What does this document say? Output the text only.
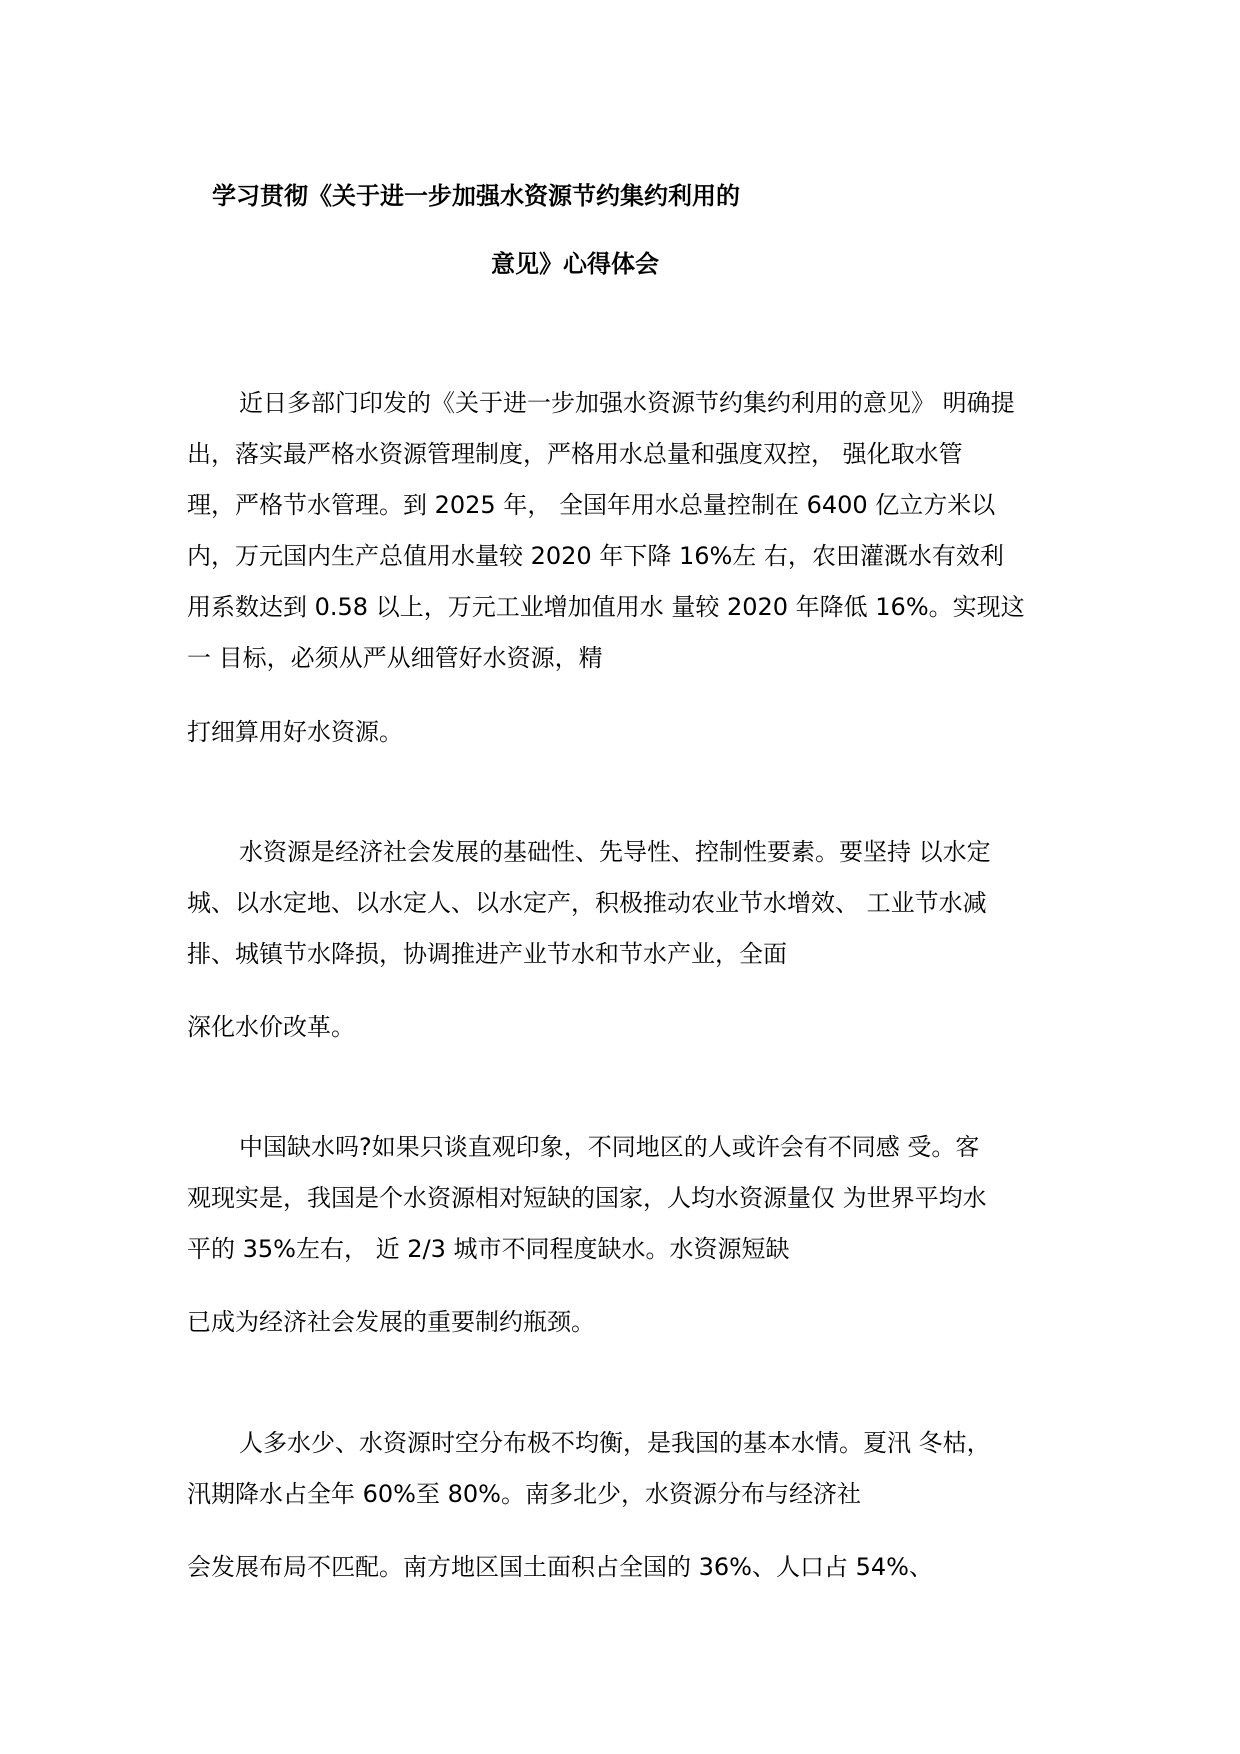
学习贯彻《关于进一步加强水资源节约集约利用的
意见》心得体会
近日多部门印发的《关于进一步加强水资源节约集约利用的意见》 明确提
出，落实最严格水资源管理制度，严格用水总量和强度双控， 强化取水管
理，严格节水管理。到 2025 年， 全国年用水总量控制在 6400 亿立方米以
内，万元国内生产总值用水量较 2020 年下降 16%左 右，农田灌溉水有效利
用系数达到 0.58 以上，万元工业增加值用水 量较 2020 年降低 16%。实现这
一 目标，必须从严从细管好水资源，精
打细算用好水资源。
水资源是经济社会发展的基础性、先导性、控制性要素。要坚持 以水定
城、以水定地、以水定人、以水定产，积极推动农业节水增效、 工业节水减
排、城镇节水降损，协调推进产业节水和节水产业，全面
深化水价改革。
中国缺水吗?如果只谈直观印象，不同地区的人或许会有不同感 受。客
观现实是，我国是个水资源相对短缺的国家，人均水资源量仅 为世界平均水
平的 35%左右， 近 2/3 城市不同程度缺水。水资源短缺
已成为经济社会发展的重要制约瓶颈。
人多水少、水资源时空分布极不均衡，是我国的基本水情。夏汛 冬枯，
汛期降水占全年 60%至 80%。南多北少，水资源分布与经济社
会发展布局不匹配。南方地区国土面积占全国的 36%、人口占 54%、
